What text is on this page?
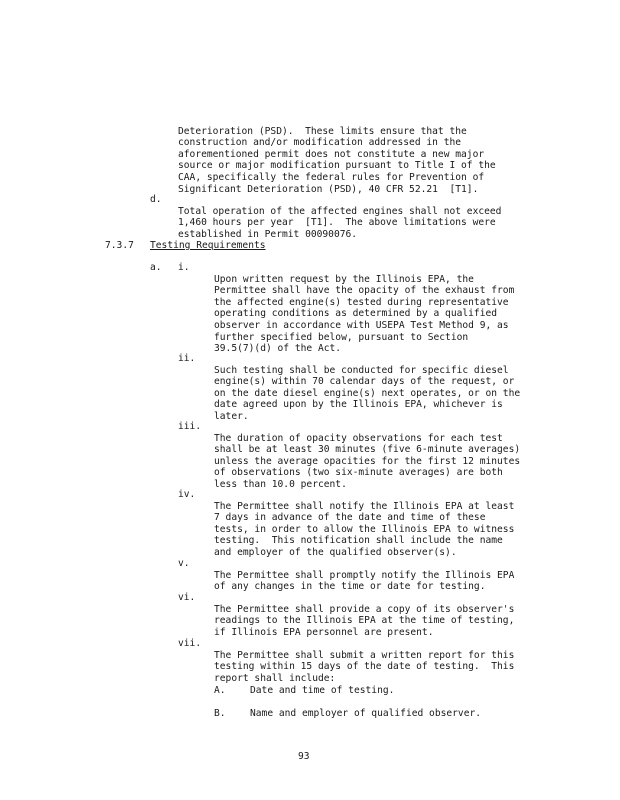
Deterioration (PSD).  These limits ensure that the
construction and/or modification addressed in the
aforementioned permit does not constitute a new major
source or major modification pursuant to Title I of the
CAA, specifically the federal rules for Prevention of
Significant Deterioration (PSD), 40 CFR 52.21  [T1].
d.

Total operation of the affected engines shall not exceed
1,460 hours per year  [T1].  The above limitations were
established in Permit 00090076.
7.3.7 Testing Requirements
a. i.

Upon written request by the Illinois EPA, the
Permittee shall have the opacity of the exhaust from
the affected engine(s) tested during representative
operating conditions as determined by a qualified
observer in accordance with USEPA Test Method 9, as
further specified below, pursuant to Section
39.5(7)(d) of the Act.
ii.

Such testing shall be conducted for specific diesel
engine(s) within 70 calendar days of the request, or
on the date diesel engine(s) next operates, or on the
date agreed upon by the Illinois EPA, whichever is
later.
iii.

The duration of opacity observations for each test
shall be at least 30 minutes (five 6-minute averages)
unless the average opacities for the first 12 minutes
of observations (two six-minute averages) are both
less than 10.0 percent.
iv.

The Permittee shall notify the Illinois EPA at least
7 days in advance of the date and time of these
tests, in order to allow the Illinois EPA to witness
testing.  This notification shall include the name
and employer of the qualified observer(s).
v.

The Permittee shall promptly notify the Illinois EPA
of any changes in the time or date for testing.
vi.

The Permittee shall provide a copy of its observer's
readings to the Illinois EPA at the time of testing,
if Illinois EPA personnel are present.
vii.

The Permittee shall submit a written report for this
testing within 15 days of the date of testing.  This
report shall include:
A.	Date and time of testing.
B.	Name and employer of qualified observer.
93
